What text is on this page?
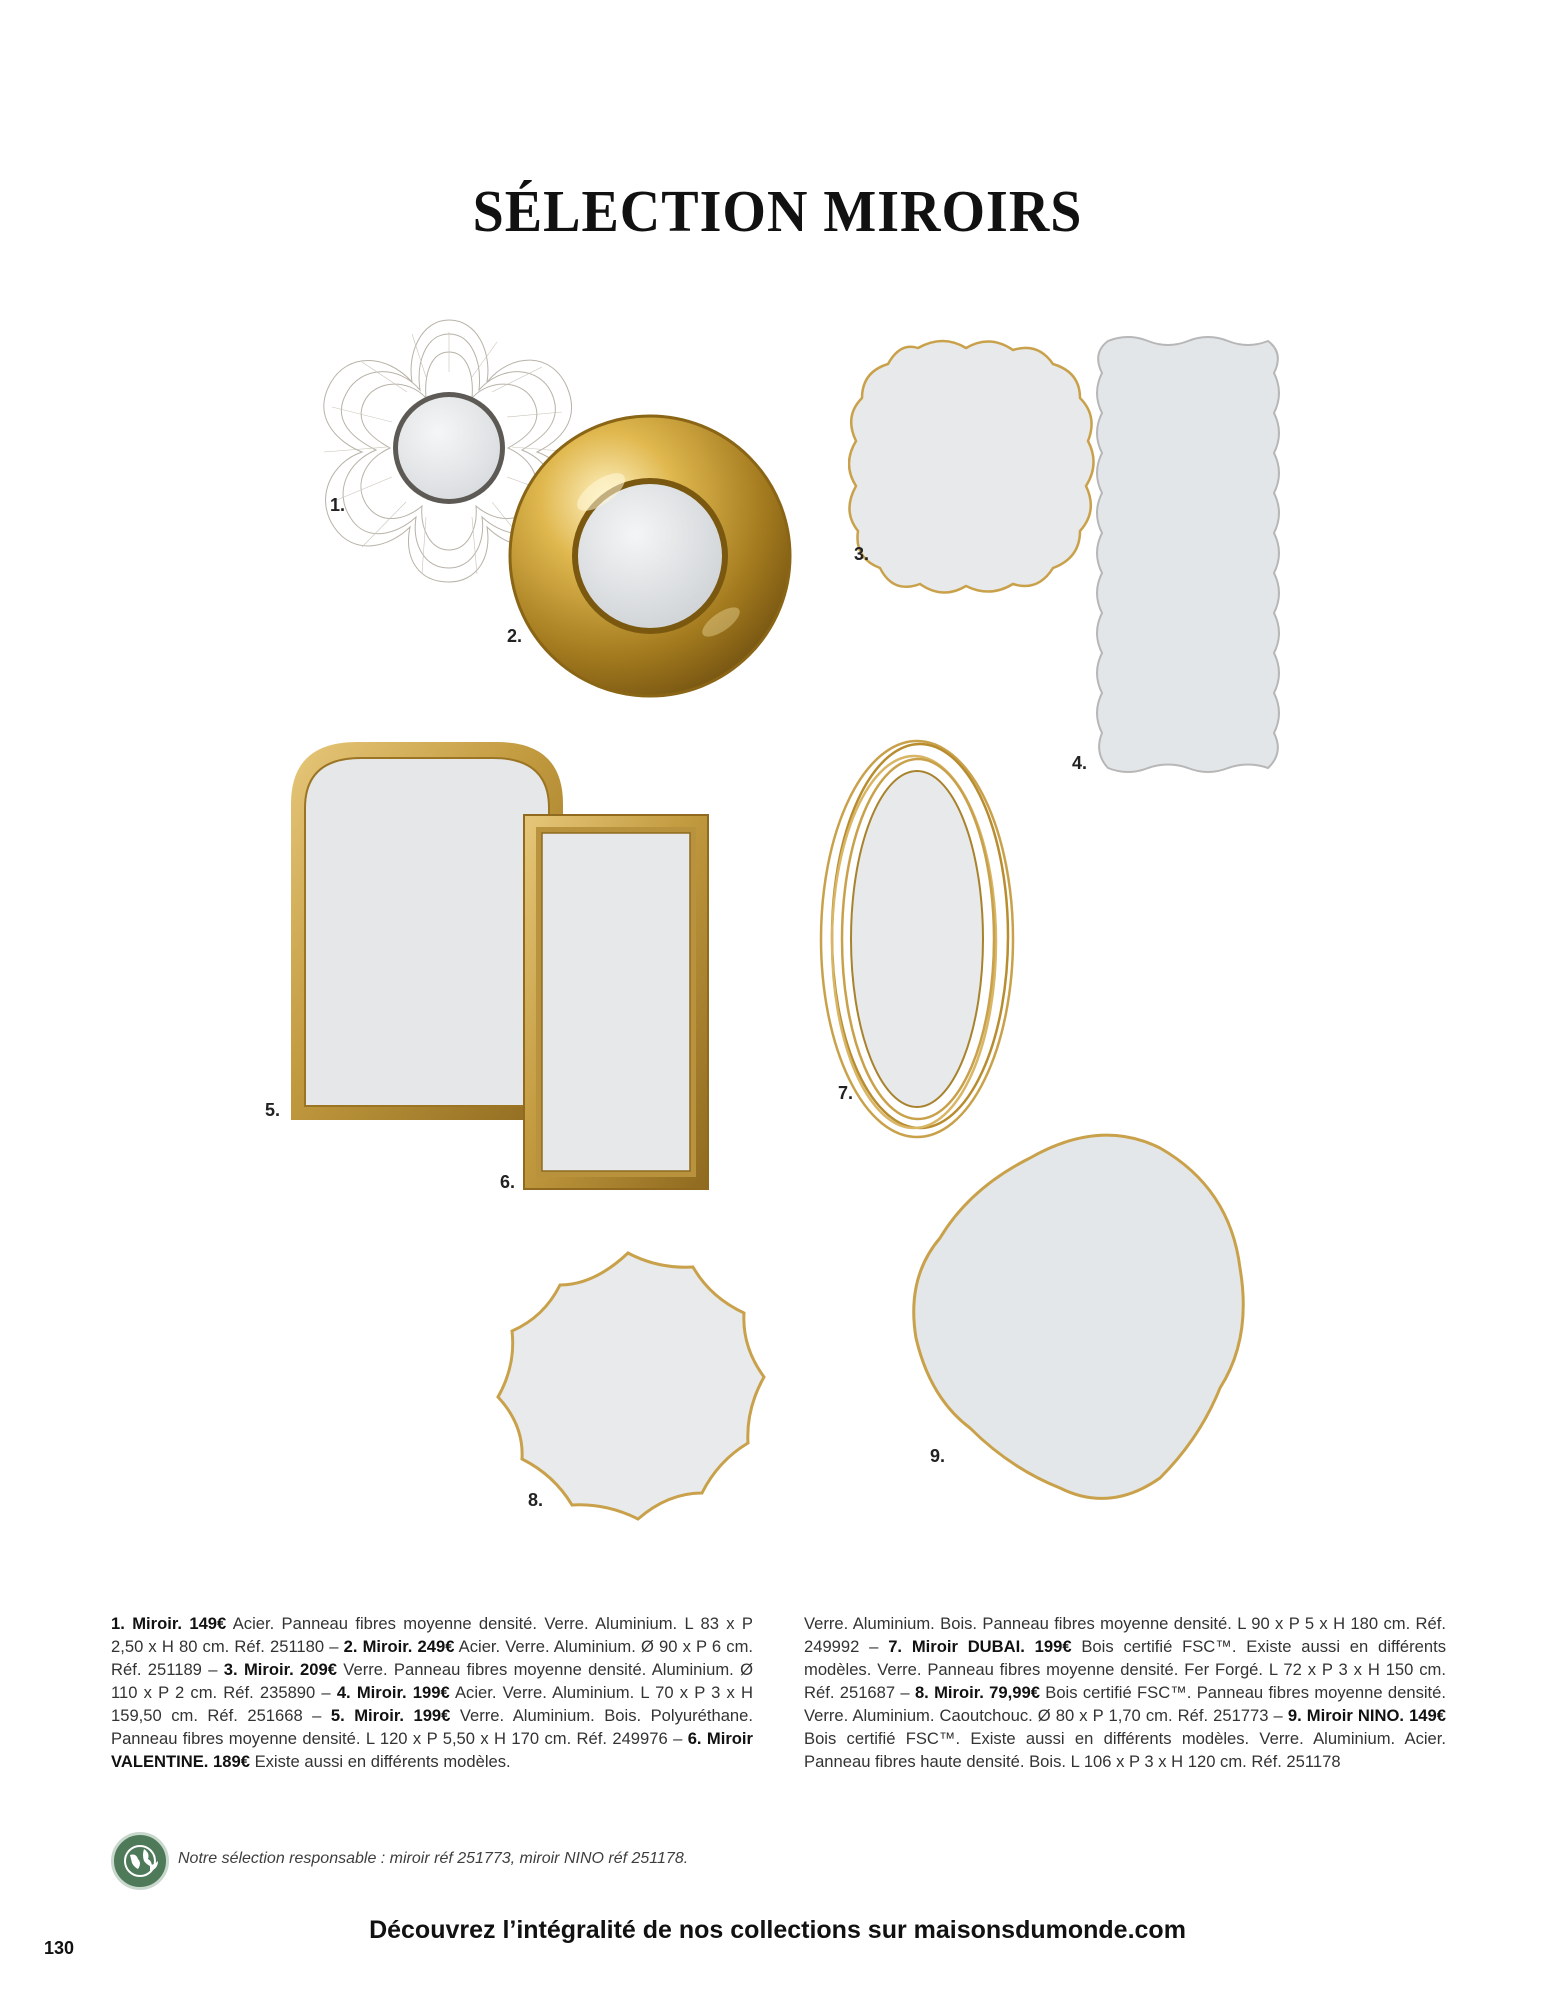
SÉLECTION MIROIRS
1.
2.
3.
4.
5.
6.
7.
8.
9.
1. Miroir. 149€ Acier. Panneau fibres moyenne densité. Verre. Aluminium. L 83 x P 2,50 x H 80 cm. Réf. 251180 – 2. Miroir. 249€ Acier. Verre. Aluminium. Ø 90 x P 6 cm. Réf. 251189 – 3. Miroir. 209€ Verre. Panneau fibres moyenne densité. Aluminium. Ø 110 x P 2 cm. Réf. 235890 – 4. Miroir. 199€ Acier. Verre. Aluminium. L 70 x P 3 x H 159,50 cm. Réf. 251668 – 5. Miroir. 199€ Verre. Aluminium. Bois. Polyuréthane. Panneau fibres moyenne densité. L 120 x P 5,50 x H 170 cm. Réf. 249976 – 6. Miroir VALENTINE. 189€ Existe aussi en différents modèles.
Verre. Aluminium. Bois. Panneau fibres moyenne densité. L 90 x P 5 x H 180 cm. Réf. 249992 – 7. Miroir DUBAI. 199€ Bois certifié FSC™. Existe aussi en différents modèles. Verre. Panneau fibres moyenne densité. Fer Forgé. L 72 x P 3 x H 150 cm. Réf. 251687 – 8. Miroir. 79,99€ Bois certifié FSC™. Panneau fibres moyenne densité. Verre. Aluminium. Caoutchouc. Ø 80 x P 1,70 cm. Réf. 251773 – 9. Miroir NINO. 149€ Bois certifié FSC™. Existe aussi en différents modèles. Verre. Aluminium. Acier. Panneau fibres haute densité. Bois. L 106 x P 3 x H 120 cm. Réf. 251178
Notre sélection responsable : miroir réf 251773, miroir NINO réf 251178.
130
Découvrez l’intégralité de nos collections sur maisonsdumonde.com
